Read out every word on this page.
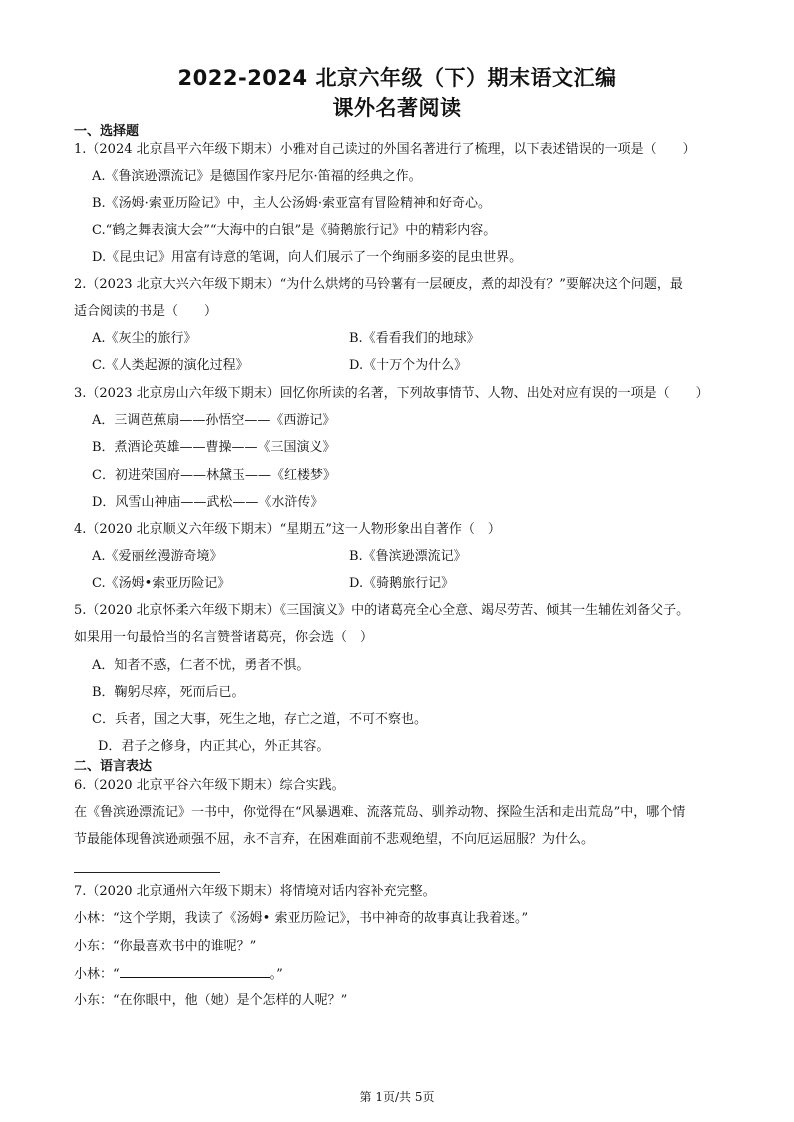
2022-2024 北京六年级（下）期末语文汇编
课外名著阅读
一、选择题
1.（2024 北京昌平六年级下期末）小雅对自己读过的外国名著进行了梳理，以下表述错误的一项是（　　）
A.《鲁滨逊漂流记》是德国作家丹尼尔·笛福的经典之作。
B.《汤姆·索亚历险记》中，主人公汤姆·索亚富有冒险精神和好奇心。
C.“鹤之舞表演大会”“大海中的白银”是《骑鹅旅行记》中的精彩内容。
D.《昆虫记》用富有诗意的笔调，向人们展示了一个绚丽多姿的昆虫世界。
2.（2023 北京大兴六年级下期末）“为什么烘烤的马铃薯有一层硬皮，煮的却没有？”要解决这个问题，最
适合阅读的书是（　　）
A.《灰尘的旅行》	B.《看看我们的地球》
C.《人类起源的演化过程》	D.《十万个为什么》
3.（2023 北京房山六年级下期末）回忆你所读的名著，下列故事情节、人物、出处对应有误的一项是（　　）
A．三调芭蕉扇——孙悟空——《西游记》
B．煮酒论英雄——曹操——《三国演义》
C．初进荣国府——林黛玉——《红楼梦》
D．风雪山神庙——武松——《水浒传》
4.（2020 北京顺义六年级下期末）“星期五”这一人物形象出自著作（　）
A.《爱丽丝漫游奇境》	B.《鲁滨逊漂流记》
C.《汤姆•索亚历险记》	D.《骑鹅旅行记》
5.（2020 北京怀柔六年级下期末）《三国演义》中的诸葛亮全心全意、竭尽劳苦、倾其一生辅佐刘备父子。
如果用一句最恰当的名言赞誉诸葛亮，你会选（　）
A．知者不惑，仁者不忧，勇者不惧。
B．鞠躬尽瘁，死而后已。
C．兵者，国之大事，死生之地，存亡之道，不可不察也。
D．君子之修身，内正其心，外正其容。
二、语言表达
6.（2020 北京平谷六年级下期末）综合实践。
在《鲁滨逊漂流记》一书中，你觉得在“风暴遇难、流落荒岛、驯养动物、探险生活和走出荒岛”中，哪个情
节最能体现鲁滨逊顽强不屈，永不言弃，在困难面前不悲观绝望，不向厄运屈服？为什么。
7.（2020 北京通州六年级下期末）将情境对话内容补充完整。
小林：“这个学期，我读了《汤姆• 索亚历险记》，书中神奇的故事真让我着迷。”
小东：“你最喜欢书中的谁呢？”
小林：“	。”
小东：“在你眼中，他（她）是个怎样的人呢？”
第 1页/共 5页
